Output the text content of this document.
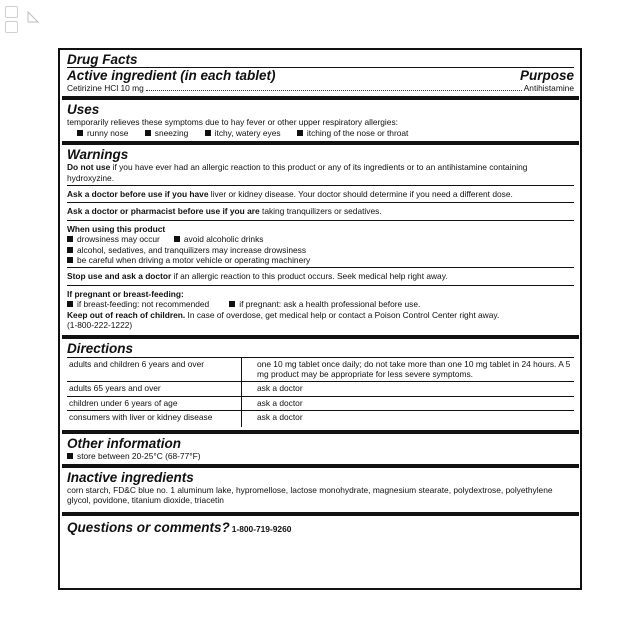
Drug Facts
Active ingredient (in each tablet)	Purpose
Cetirizine HCl 10 mg	Antihistamine
Uses
temporarily relieves these symptoms due to hay fever or other upper respiratory allergies:
runny nose	sneezing	itchy, watery eyes	itching of the nose or throat
Warnings
Do not use if you have ever had an allergic reaction to this product or any of its ingredients or to an antihistamine containing hydroxyzine.
Ask a doctor before use if you have liver or kidney disease. Your doctor should determine if you need a different dose.
Ask a doctor or pharmacist before use if you are taking tranquilizers or sedatives.
When using this product
drowsiness may occur	avoid alcoholic drinks
alcohol, sedatives, and tranquilizers may increase drowsiness
be careful when driving a motor vehicle or operating machinery
Stop use and ask a doctor if an allergic reaction to this product occurs. Seek medical help right away.
If pregnant or breast-feeding:
if breast-feeding: not recommended	if pregnant: ask a health professional before use.
Keep out of reach of children. In case of overdose, get medical help or contact a Poison Control Center right away.
(1-800-222-1222)
Directions
adults and children 6 years and over	one 10 mg tablet once daily; do not take more than one 10 mg tablet in 24 hours. A 5 mg product may be appropriate for less severe symptoms.
adults 65 years and over	ask a doctor
children under 6 years of age	ask a doctor
consumers with liver or kidney disease	ask a doctor
Other information
store between 20-25°C (68-77°F)
Inactive ingredients
corn starch, FD&C blue no. 1 aluminum lake, hypromellose, lactose monohydrate, magnesium stearate, polydextrose, polyethylene glycol, povidone, titanium dioxide, triacetin
Questions or comments? 1-800-719-9260
